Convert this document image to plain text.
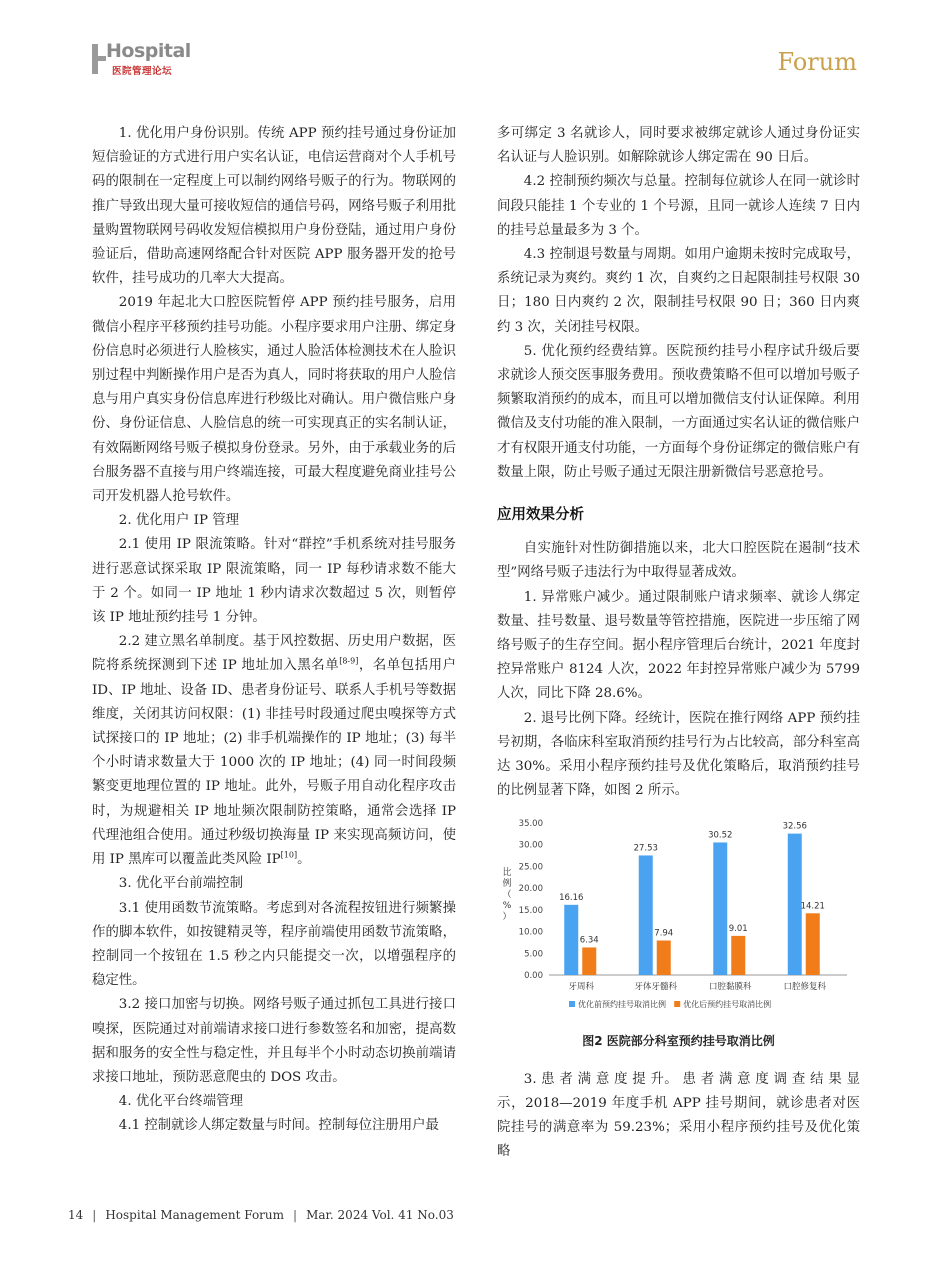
Hospital
医院管理论坛	Forum

1. 优化用户身份识别。传统 APP 预约挂号通过身份证加短信验证的方式进行用户实名认证，电信运营商对个人手机号码的限制在一定程度上可以制约网络号贩子的行为。物联网的推广导致出现大量可接收短信的通信号码，网络号贩子利用批量购置物联网号码收发短信模拟用户身份登陆，通过用户身份验证后，借助高速网络配合针对医院 APP 服务器开发的抢号软件，挂号成功的几率大大提高。

2019 年起北大口腔医院暂停 APP 预约挂号服务，启用微信小程序平移预约挂号功能。小程序要求用户注册、绑定身份信息时必须进行人脸核实，通过人脸活体检测技术在人脸识别过程中判断操作用户是否为真人，同时将获取的用户人脸信息与用户真实身份信息库进行秒级比对确认。用户微信账户身份、身份证信息、人脸信息的统一可实现真正的实名制认证，有效隔断网络号贩子模拟身份登录。另外，由于承载业务的后台服务器不直接与用户终端连接，可最大程度避免商业挂号公司开发机器人抢号软件。

2. 优化用户 IP 管理

2.1 使用 IP 限流策略。针对“群控”手机系统对挂号服务进行恶意试探采取 IP 限流策略，同一 IP 每秒请求数不能大于 2 个。如同一 IP 地址 1 秒内请求次数超过 5 次，则暂停该 IP 地址预约挂号 1 分钟。

2.2 建立黑名单制度。基于风控数据、历史用户数据，医院将系统探测到下述 IP 地址加入黑名单[8-9]，名单包括用户 ID、IP 地址、设备 ID、患者身份证号、联系人手机号等数据维度，关闭其访问权限：(1) 非挂号时段通过爬虫嗅探等方式试探接口的 IP 地址；(2) 非手机端操作的 IP 地址；(3) 每半个小时请求数量大于 1000 次的 IP 地址；(4) 同一时间段频繁变更地理位置的 IP 地址。此外，号贩子用自动化程序攻击时，为规避相关 IP 地址频次限制防控策略，通常会选择 IP 代理池组合使用。通过秒级切换海量 IP 来实现高频访问，使用 IP 黑库可以覆盖此类风险 IP[10]。

3. 优化平台前端控制

3.1 使用函数节流策略。考虑到对各流程按钮进行频繁操作的脚本软件，如按键精灵等，程序前端使用函数节流策略，控制同一个按钮在 1.5 秒之内只能提交一次，以增强程序的稳定性。

3.2 接口加密与切换。网络号贩子通过抓包工具进行接口嗅探，医院通过对前端请求接口进行参数签名和加密，提高数据和服务的安全性与稳定性，并且每半个小时动态切换前端请求接口地址，预防恶意爬虫的 DOS 攻击。

4. 优化平台终端管理

4.1 控制就诊人绑定数量与时间。控制每位注册用户最

多可绑定 3 名就诊人，同时要求被绑定就诊人通过身份证实名认证与人脸识别。如解除就诊人绑定需在 90 日后。

4.2 控制预约频次与总量。控制每位就诊人在同一就诊时间段只能挂 1 个专业的 1 个号源，且同一就诊人连续 7 日内的挂号总量最多为 3 个。

4.3 控制退号数量与周期。如用户逾期未按时完成取号，系统记录为爽约。爽约 1 次，自爽约之日起限制挂号权限 30 日；180 日内爽约 2 次，限制挂号权限 90 日；360 日内爽约 3 次，关闭挂号权限。

5. 优化预约经费结算。医院预约挂号小程序试升级后要求就诊人预交医事服务费用。预收费策略不但可以增加号贩子频繁取消预约的成本，而且可以增加微信支付认证保障。利用微信及支付功能的准入限制，一方面通过实名认证的微信账户才有权限开通支付功能，一方面每个身份证绑定的微信账户有数量上限，防止号贩子通过无限注册新微信号恶意抢号。

应用效果分析

自实施针对性防御措施以来，北大口腔医院在遏制“技术型”网络号贩子违法行为中取得显著成效。

1. 异常账户减少。通过限制账户请求频率、就诊人绑定数量、挂号数量、退号数量等管控措施，医院进一步压缩了网络号贩子的生存空间。据小程序管理后台统计，2021 年度封控异常账户 8124 人次，2022 年封控异常账户减少为 5799 人次，同比下降 28.6%。

2. 退号比例下降。经统计，医院在推行网络 APP 预约挂号初期，各临床科室取消预约挂号行为占比较高，部分科室高达 30%。采用小程序预约挂号及优化策略后，取消预约挂号的比例显著下降，如图 2 所示。

0.00
5.00
10.00
15.00
20.00
25.00
30.00
35.00
比
例
（
%
）
16.16
6.34
牙周科
27.53
7.94
牙体牙髓科
30.52
9.01
口腔黏膜科
32.56
14.21
口腔修复科
优化前预约挂号取消比例 优化后预约挂号取消比例

图2 医院部分科室预约挂号取消比例

3. 患 者 满 意 度 提 升。 患 者 满 意 度 调 查 结 果 显 示，2018—2019 年度手机 APP 挂号期间，就诊患者对医院挂号的满意率为 59.23%；采用小程序预约挂号及优化策略

14 | Hospital Management Forum | Mar. 2024 Vol. 41 No.03
